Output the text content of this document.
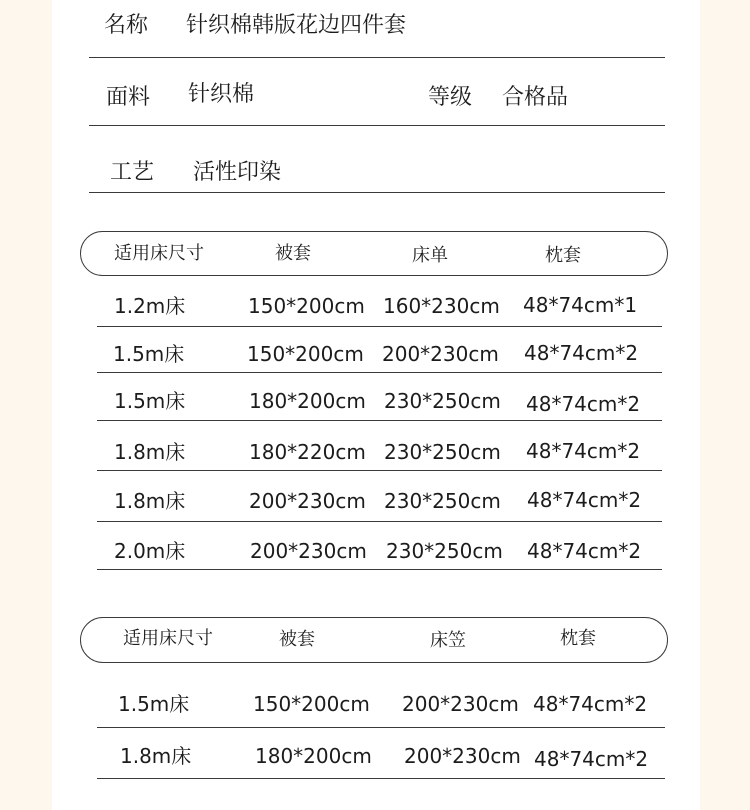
名称 针织棉韩版花边四件套
面料 针织棉	等级 合格品
工艺 活性印染
适用床尺寸	被套	床单	枕套
1.2m床	150*200cm 160*230cm 48*74cm*1
1.5m床	150*200cm 200*230cm 48*74cm*2
1.5m床	180*200cm 230*250cm 48*74cm*2
1.8m床	180*220cm 230*250cm 48*74cm*2
1.8m床	200*230cm 230*250cm 48*74cm*2
2.0m床	200*230cm 230*250cm 48*74cm*2
适用床尺寸	被套	床笠	枕套
1.5m床	150*200cm 200*230cm 48*74cm*2
1.8m床	180*200cm 200*230cm 48*74cm*2
